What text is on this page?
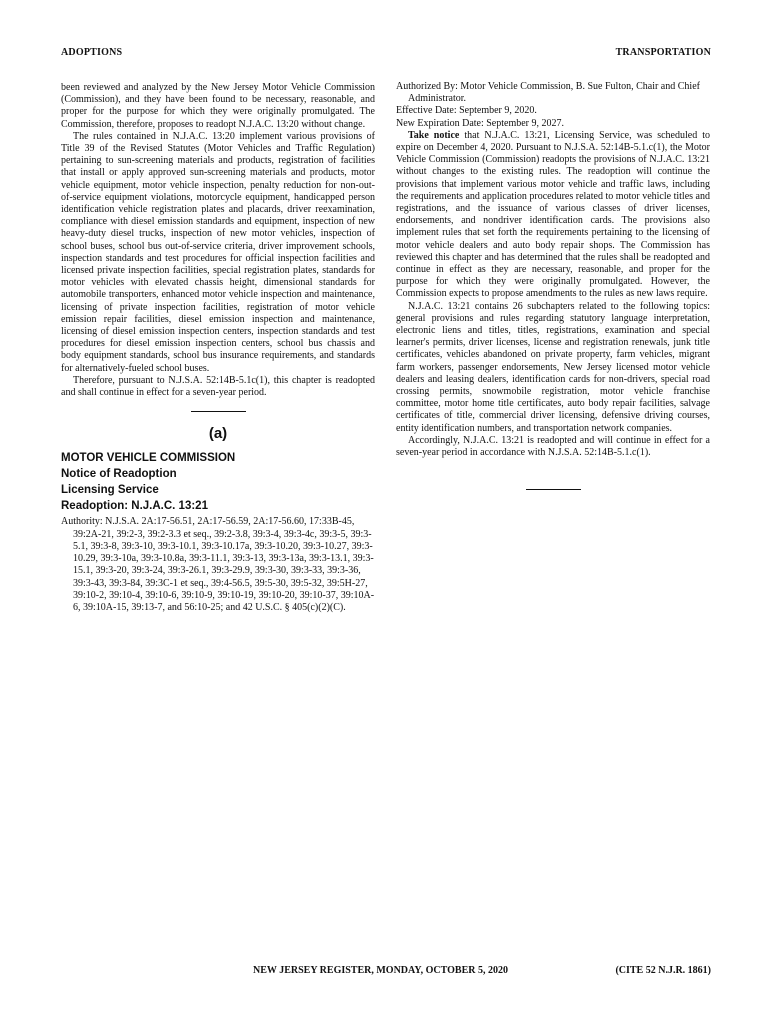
ADOPTIONS	TRANSPORTATION

been reviewed and analyzed by the New Jersey Motor Vehicle Commission (Commission), and they have been found to be necessary, reasonable, and proper for the purpose for which they were originally promulgated. The Commission, therefore, proposes to readopt N.J.A.C. 13:20 without change.

The rules contained in N.J.A.C. 13:20 implement various provisions of Title 39 of the Revised Statutes (Motor Vehicles and Traffic Regulation) pertaining to sun-screening materials and products, registration of facilities that install or apply approved sun-screening materials and products, motor vehicle equipment, motor vehicle inspection, penalty reduction for non-out-of-service equipment violations, motorcycle equipment, handicapped person identification vehicle registration plates and placards, driver reexamination, compliance with diesel emission standards and equipment, inspection of new heavy-duty diesel trucks, inspection of new motor vehicles, inspection of school buses, school bus out-of-service criteria, driver improvement schools, inspection standards and test procedures for official inspection facilities and licensed private inspection facilities, special registration plates, standards for motor vehicles with elevated chassis height, dimensional standards for automobile transporters, enhanced motor vehicle inspection and maintenance, licensing of private inspection facilities, registration of motor vehicle emission repair facilities, diesel emission inspection and maintenance, licensing of diesel emission inspection centers, inspection standards and test procedures for diesel emission inspection centers, school bus chassis and body equipment standards, school bus insurance requirements, and standards for alternatively-fueled school buses.

Therefore, pursuant to N.J.S.A. 52:14B-5.1c(1), this chapter is readopted and shall continue in effect for a seven-year period.

(a)
MOTOR VEHICLE COMMISSION
Notice of Readoption
Licensing Service
Readoption: N.J.A.C. 13:21

Authority: N.J.S.A. 2A:17-56.51, 2A:17-56.59, 2A:17-56.60, 17:33B-45, 39:2A-21, 39:2-3, 39:2-3.3 et seq., 39:2-3.8, 39:3-4, 39:3-4c, 39:3-5, 39:3-5.1, 39:3-8, 39:3-10, 39:3-10.1, 39:3-10.17a, 39:3-10.20, 39:3-10.27, 39:3-10.29, 39:3-10a, 39:3-10.8a, 39:3-11.1, 39:3-13, 39:3-13a, 39:3-13.1, 39:3-15.1, 39:3-20, 39:3-24, 39:3-26.1, 39:3-29.9, 39:3-30, 39:3-33, 39:3-36, 39:3-43, 39:3-84, 39:3C-1 et seq., 39:4-56.5, 39:5-30, 39:5-32, 39:5H-27, 39:10-2, 39:10-4, 39:10-6, 39:10-9, 39:10-19, 39:10-20, 39:10-37, 39:10A-6, 39:10A-15, 39:13-7, and 56:10-25; and 42 U.S.C. § 405(c)(2)(C).

Authorized By: Motor Vehicle Commission, B. Sue Fulton, Chair and Chief Administrator.

Effective Date: September 9, 2020.

New Expiration Date: September 9, 2027.

Take notice that N.J.A.C. 13:21, Licensing Service, was scheduled to expire on December 4, 2020. Pursuant to N.J.S.A. 52:14B-5.1.c(1), the Motor Vehicle Commission (Commission) readopts the provisions of N.J.A.C. 13:21 without changes to the existing rules. The readoption will continue the provisions that implement various motor vehicle and traffic laws, including the requirements and application procedures related to motor vehicle titles and registrations, and the issuance of various classes of driver licenses, endorsements, and nondriver identification cards. The provisions also implement rules that set forth the requirements pertaining to the licensing of motor vehicle dealers and auto body repair shops. The Commission has reviewed this chapter and has determined that the rules shall be readopted and continue in effect as they are necessary, reasonable, and proper for the purpose for which they were originally promulgated. However, the Commission expects to propose amendments to the rules as new laws require.

N.J.A.C. 13:21 contains 26 subchapters related to the following topics: general provisions and rules regarding statutory language interpretation, electronic liens and titles, titles, registrations, examination and special learner's permits, driver licenses, license and registration renewals, junk title certificates, vehicles abandoned on private property, farm vehicles, migrant farm workers, passenger endorsements, New Jersey licensed motor vehicle dealers and leasing dealers, identification cards for non-drivers, special road crossing permits, snowmobile registration, motor vehicle franchise committee, motor home title certificates, auto body repair facilities, salvage certificates of title, commercial driver licensing, defensive driving courses, entity identification numbers, and transportation network companies.

Accordingly, N.J.A.C. 13:21 is readopted and will continue in effect for a seven-year period in accordance with N.J.S.A. 52:14B-5.1.c(1).

NEW JERSEY REGISTER, MONDAY, OCTOBER 5, 2020	(CITE 52 N.J.R. 1861)
